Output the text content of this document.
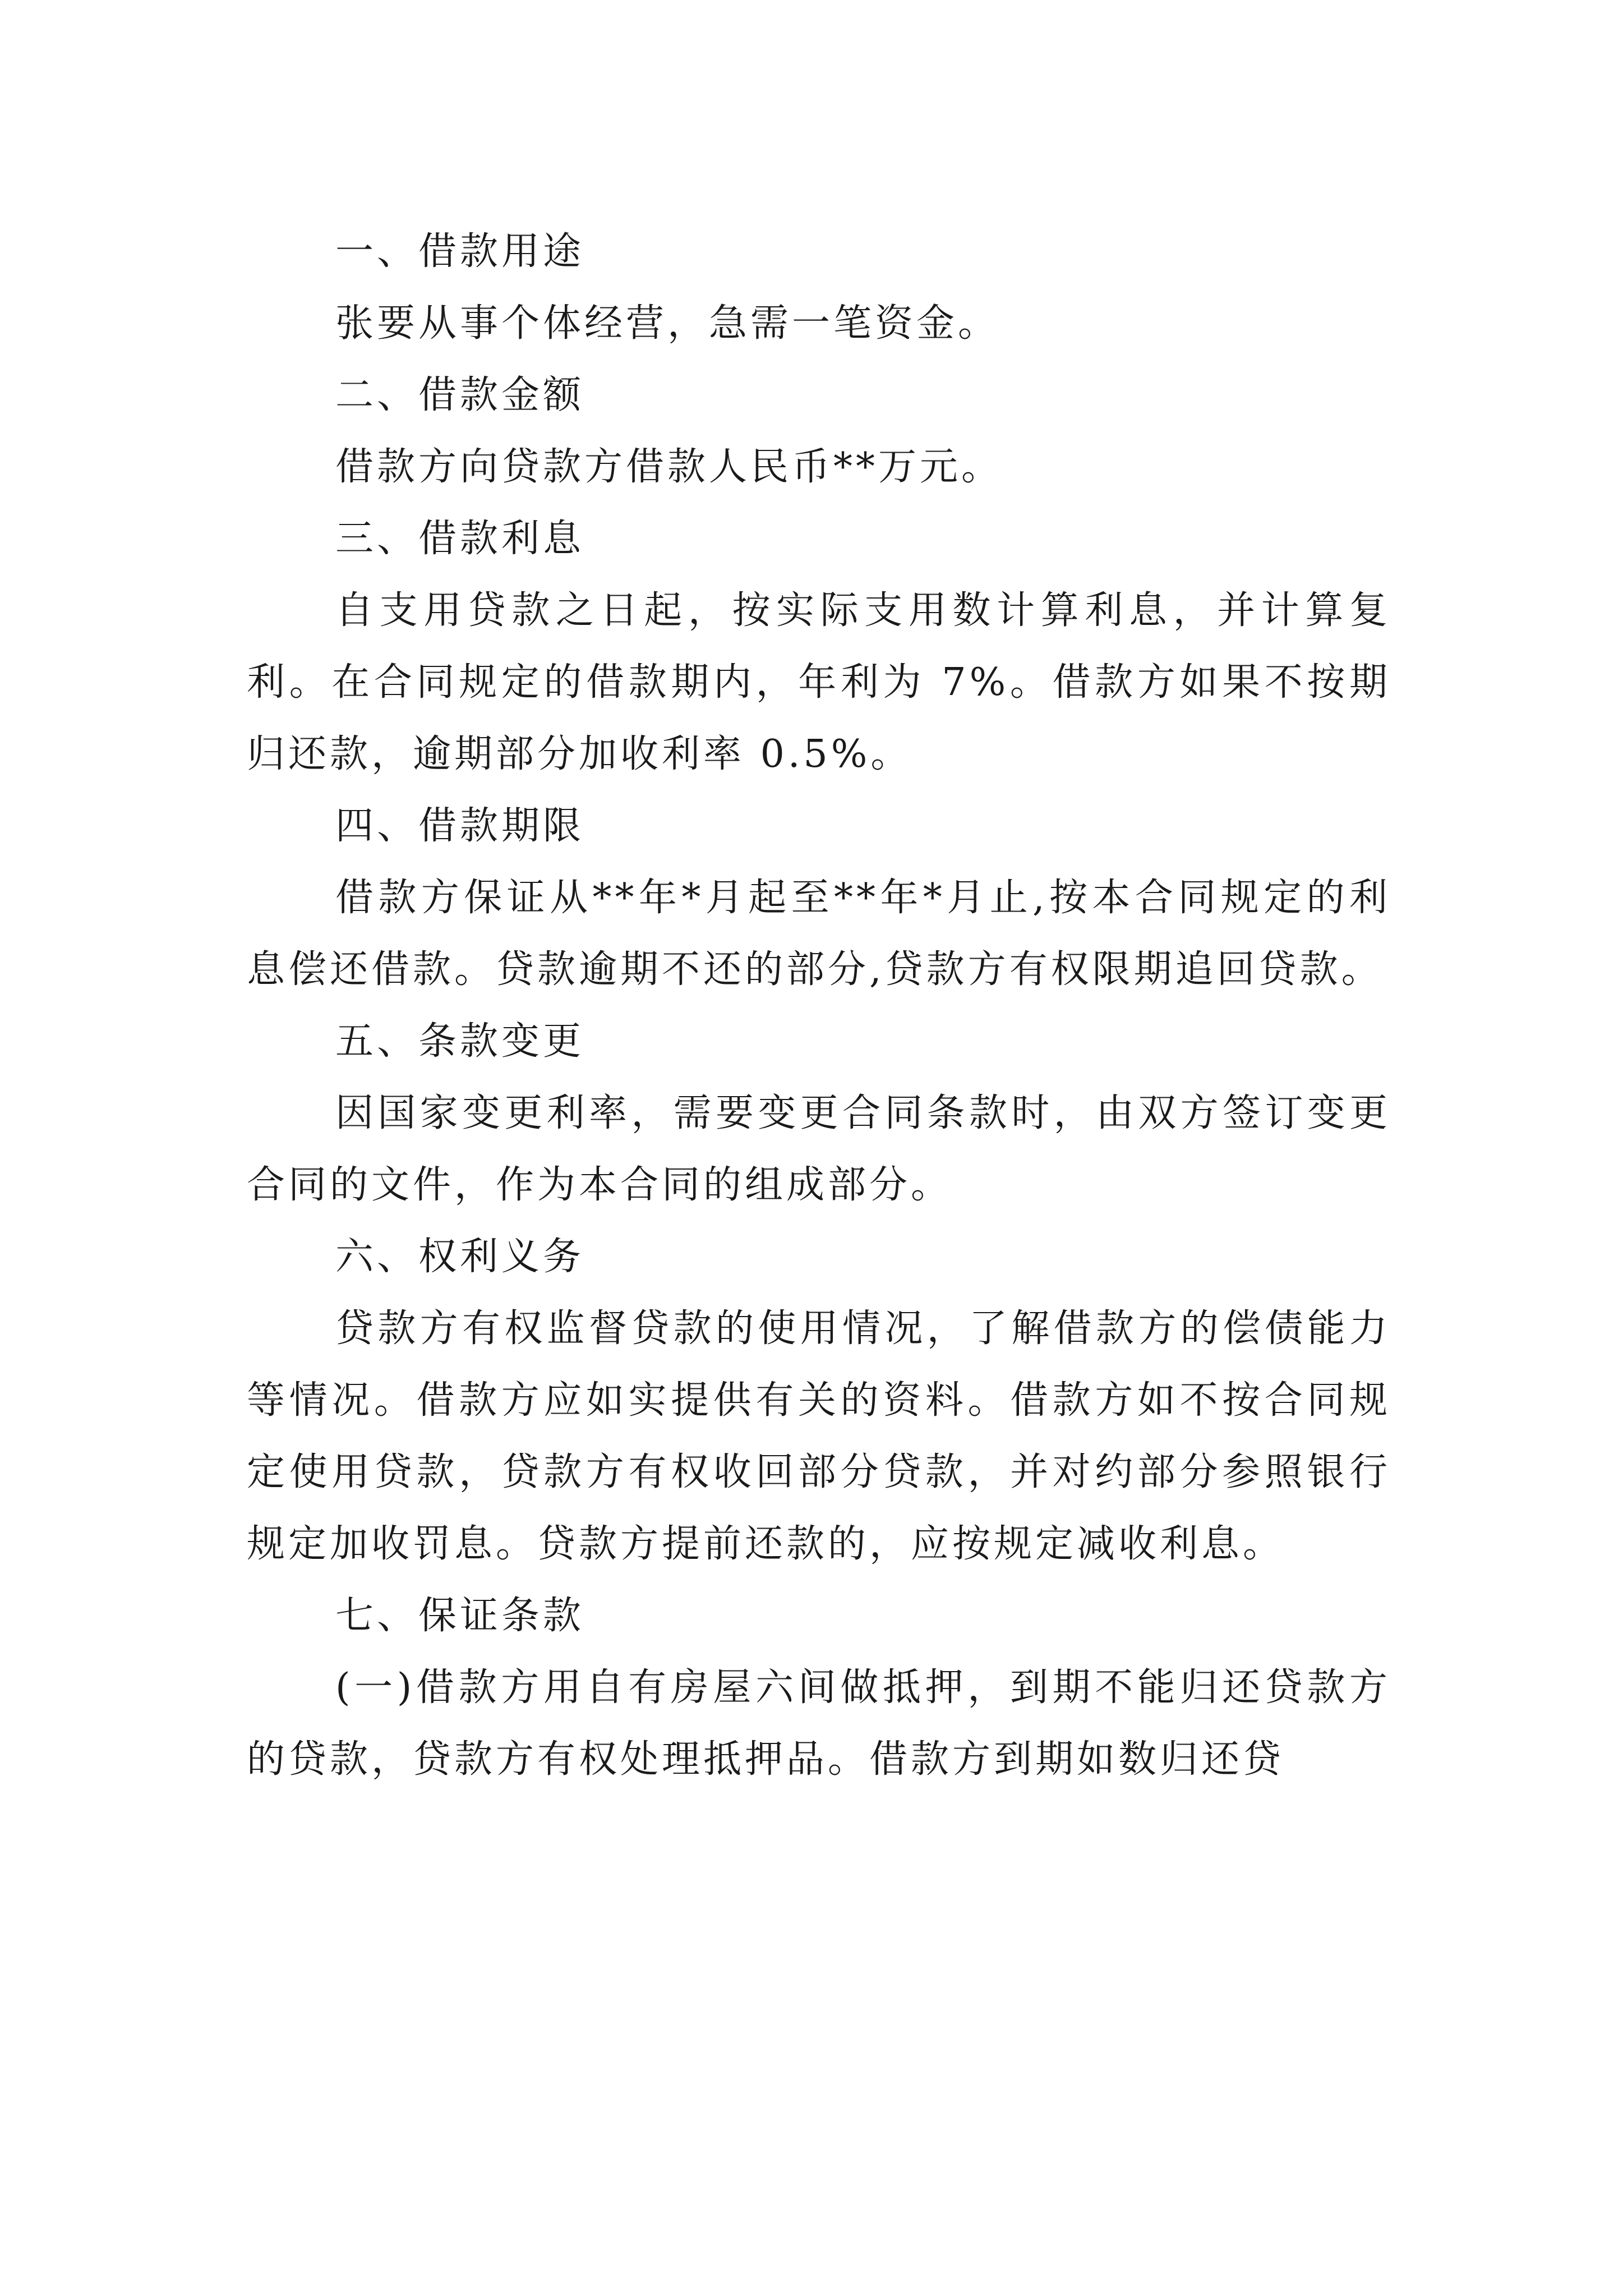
一、借款用途

张要从事个体经营，急需一笔资金。

二、借款金额

借款方向贷款方借款人民币**万元。

三、借款利息

自支用贷款之日起，按实际支用数计算利息，并计算复利。在合同规定的借款期内，年利为 7%。借款方如果不按期归还款，逾期部分加收利率 0.5%。

四、借款期限

借款方保证从**年*月起至**年*月止,按本合同规定的利息偿还借款。贷款逾期不还的部分,贷款方有权限期追回贷款。

五、条款变更

因国家变更利率，需要变更合同条款时，由双方签订变更合同的文件，作为本合同的组成部分。

六、权利义务

贷款方有权监督贷款的使用情况，了解借款方的偿债能力等情况。借款方应如实提供有关的资料。借款方如不按合同规定使用贷款，贷款方有权收回部分贷款，并对约部分参照银行规定加收罚息。贷款方提前还款的，应按规定减收利息。

七、保证条款

(一)借款方用自有房屋六间做抵押，到期不能归还贷款方的贷款，贷款方有权处理抵押品。借款方到期如数归还贷
